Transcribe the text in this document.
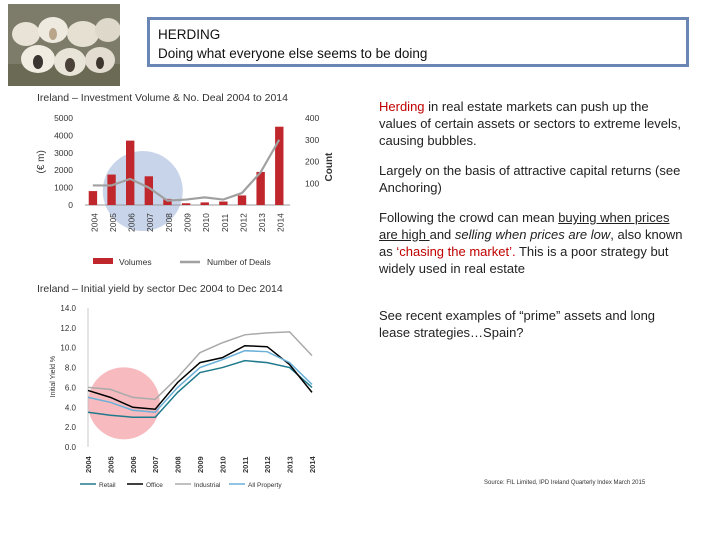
HERDING
Doing what everyone else seems to be doing
Ireland – Investment Volume & No. Deal 2004 to 2014
5000
4000
3000
2000
1000
0
400
300
200
100
(€ m)	Count
2004 2005 2006 2007 2008 2009 2010 2011 2012 2013 2014
Volumes	Number of Deals
Ireland – Initial yield by sector Dec 2004 to Dec 2014
14.0
12.0
10.0
8.0
6.0
4.0
2.0
0.0
Initial Yield %
2004 2005 2006 2007 2008 2009 2010 2011 2012 2013 2014
Retail	Office	Industrial	All Property
Herding in real estate markets can push up the values of certain assets or sectors to extreme levels, causing bubbles.
Largely on the basis of attractive capital returns (see Anchoring)
Following the crowd can mean buying when prices are high and selling when prices are low, also known as ‘chasing the market’. This is a poor strategy but widely used in real estate
See recent examples of “prime” assets and long lease strategies…Spain?
Source: FIL Limited, IPD Ireland Quarterly Index March 2015
